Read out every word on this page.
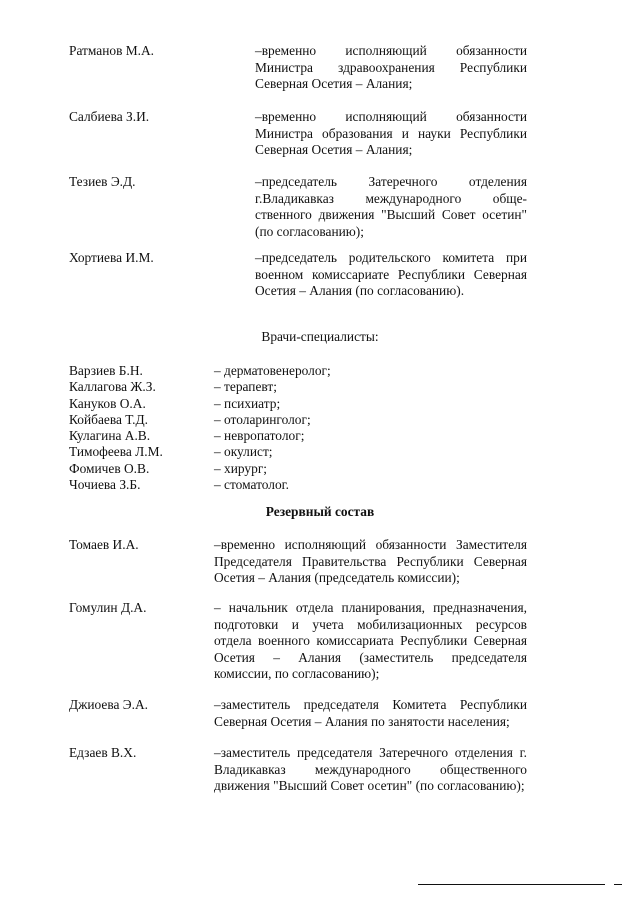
Ратманов М.А.	–временно исполняющий обязанности Министра здравоохранения Республики Северная Осетия – Алания;
Салбиева З.И.	–временно исполняющий обязанности Министра образования и науки Республики Северная Осетия – Алания;
Тезиев Э.Д.	–председатель Затеречного отделения г.Владикавказ международного обще-ственного движения "Высший Совет осетин" (по согласованию);
Хортиева И.М.	–председатель родительского комитета при военном комиссариате Республики Северная Осетия – Алания (по согласованию).
Врачи-специалисты:
Варзиев Б.Н.	– дерматовенеролог;
Каллагова Ж.З.	– терапевт;
Кануков О.А.	– психиатр;
Койбаева Т.Д.	– отоларинголог;
Кулагина А.В.	– невропатолог;
Тимофеева Л.М.	– окулист;
Фомичев О.В.	– хирург;
Чочиева З.Б.	– стоматолог.
Резервный состав
Томаев И.А.	–временно исполняющий обязанности Заместителя Председателя Правительства Республики Северная Осетия – Алания (председатель комиссии);
Гомулин Д.А.	– начальник отдела планирования, предназначения, подготовки и учета мобилизационных ресурсов отдела военного комиссариата Республики Северная Осетия – Алания (заместитель председателя комиссии, по согласованию);
Джиоева Э.А.	–заместитель председателя Комитета Республики Северная Осетия – Алания по занятости населения;
Едзаев В.Х.	–заместитель председателя Затеречного отделения г. Владикавказ международного общественного движения "Высший Совет осетин" (по согласованию);
